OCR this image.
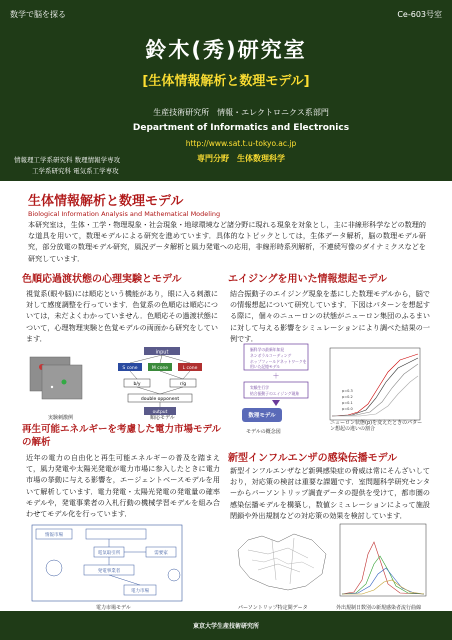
数学で脳を探る	Ce-603号室
鈴木(秀)研究室
[生体情報解析と数理モデル]
生産技術研究所　情報・エレクトロニクス系部門
Department of Informatics and Electronics
http://www.sat.t.u-tokyo.ac.jp
専門分野　生体数理科学
情報理工学系研究科 数理情報学専攻
工学系研究科 電気系工学専攻
生体情報解析と数理モデル
Biological Information Analysis and Mathematical Modeling
本研究室は，生体・工学・物理現象・社会現象・地球環境など諸分野に現れる現象を対象とし，主に非線形科学などの数理的な道具を用いて，数理モデルによる研究を進めています．具体的なトピックとしては，生体データ解析，脳の数理モデル研究，部分放電の数理モデル研究，風況データ解析と風力発電への応用，非線形時系列解析，不連続写像のダイナミクスなどを研究しています．
色順応過渡状態の心理実験とモデル
視覚系(眼や脳)には順応という機能があり，眼に入る刺激に対して感度調整を行っています．色覚系の色順応は順応については，未だよくわかっていません．色順応その過渡状態について，心理物理実験と色覚モデルの両面から研究をしています．
input
S cone	M cone	L cone
b/y	r/g
double opponent
output
実験刺激例	順応モデル
エイジングを用いた情報想起モデル
結合振動子のエイジング現象を基にした数理モデルから，脳での情報想起について研究しています．下図はパターンを想起する際に，個々のニューロンの状態がニューロン集団のふるまいに対して与える影響をシミュレーションにより調べた結果の一例です．
脳科学の最新年知見
ネンボラルコーディング
ホップフィールドネットワークを
用いた記憶モデル
＋
実験生行学
結合振動子のエイジング現象
数理モデル
p=0.3
p=0.2
p=0.1
p=0.0
モデルの概念図
ニューロン状態(p)を変えたときのパターン想起の違いの割合
再生可能エネルギーを考慮した電力市場モデルの解析
近年の電力の自由化と再生可能エネルギーの普及を踏まえて，風力発電や太陽光発電が電力市場に参入したときに電力市場の挙動に与える影響を，エージェントベースモデルを用いて解析しています．電力発電・太陽光発電の発電量の確率モデルや，発電事業者の入札行動の機械学習モデルを組み合わせてモデル化を行っています．
情報市場
電気取引所
発電事業者
需要家
電力市場
電力市場モデル
新型インフルエンザの感染伝播モデル
新型インフルエンザなど新興感染症の脅威は常にそんざいしており，対応策の検討は重要な課題です．室問題科学研究センターからパーソントリップ調査データの提供を受けて，都市圏の感染伝播モデルを構築し，数値シミュレーションによって施設閉鎖や外出規制などの対応策の効果を検討しています．
パーソントリップ特定間データ	外出規制日数別の新規感染者流行曲線
東京大学生産技術研究所
